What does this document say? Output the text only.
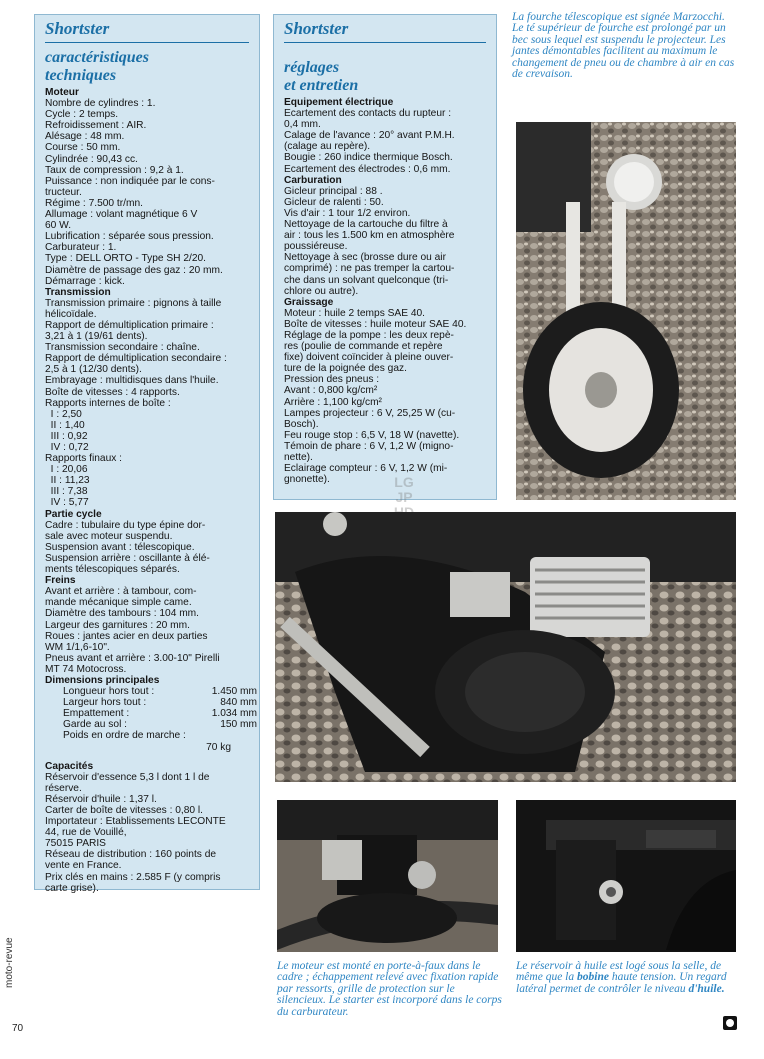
Shortster
caractéristiques
techniques
Moteur
Nombre de cylindres : 1.
Cycle : 2 temps.
Refroidissement : AIR.
Alésage : 48 mm.
Course : 50 mm.
Cylindrée : 90,43 cc.
Taux de compression : 9,2 à 1.
Puissance : non indiquée par le cons-
tructeur.
Régime : 7.500 tr/mn.
Allumage : volant magnétique 6 V
60 W.
Lubrification : séparée sous pression.
Carburateur : 1.
Type : DELL ORTO - Type SH 2/20.
Diamètre de passage des gaz : 20 mm.
Démarrage : kick.
Transmission
Transmission primaire : pignons à taille
hélicoïdale.
Rapport de démultiplication primaire :
3,21 à 1 (19/61 dents).
Transmission secondaire : chaîne.
Rapport de démultiplication secondaire :
2,5 à 1 (12/30 dents).
Embrayage : multidisques dans l'huile.
Boîte de vitesses : 4 rapports.
Rapports internes de boîte :
I : 2,50
II : 1,40
III : 0,92
IV : 0,72
Rapports finaux :
I : 20,06
II : 11,23
III : 7,38
IV : 5,77
Partie cycle
Cadre : tubulaire du type épine dor-
sale avec moteur suspendu.
Suspension avant : télescopique.
Suspension arrière : oscillante à élé-
ments télescopiques séparés.
Freins
Avant et arrière : à tambour, com-
mande mécanique simple came.
Diamètre des tambours : 104 mm.
Largeur des garnitures : 20 mm.
Roues : jantes acier en deux parties
WM 1/1,6-10".
Pneus avant et arrière : 3.00-10" Pirelli
MT 74 Motocross.
Dimensions principales
Longueur hors tout :	1.450 mm
Largeur hors tout :	840 mm
Empattement :	1.034 mm
Garde au sol :	150 mm
Poids en ordre de marche :
70 kg
Capacités
Réservoir d'essence 5,3 l dont 1 l de
réserve.
Réservoir d'huile : 1,37 l.
Carter de boîte de vitesses : 0,80 l.
Importateur : Etablissements LECONTE
44, rue de Vouillé,
75015 PARIS
Réseau de distribution : 160 points de
vente en France.
Prix clés en mains : 2.585 F (y compris
carte grise).
Shortster
réglages
et entretien
Equipement électrique
Ecartement des contacts du rupteur :
0,4 mm.
Calage de l'avance : 20° avant P.M.H.
(calage au repère).
Bougie : 260 indice thermique Bosch.
Ecartement des électrodes : 0,6 mm.
Carburation
Gicleur principal : 88 .
Gicleur de ralenti : 50.
Vis d'air : 1 tour 1/2 environ.
Nettoyage de la cartouche du filtre à
air : tous les 1.500 km en atmosphère
poussiéreuse.
Nettoyage à sec (brosse dure ou air
comprimé) : ne pas tremper la cartou-
che dans un solvant quelconque (tri-
chlore ou autre).
Graissage
Moteur : huile 2 temps SAE 40.
Boîte de vitesses : huile moteur SAE 40.
Réglage de la pompe : les deux repè-
res (poulie de commande et repère
fixe) doivent coïncider à pleine ouver-
ture de la poignée des gaz.
Pression des pneus :
Avant : 0,800 kg/cm²
Arrière : 1,100 kg/cm²
Lampes projecteur : 6 V, 25,25 W (cu-
Bosch).
Feu rouge stop : 6,5 V, 18 W (navette).
Témoin de phare : 6 V, 1,2 W (migno-
nette).
Eclairage compteur : 6 V, 1,2 W (mi-
gnonette).	LG
JP

La fourche télescopique est signée Marzocchi. Le té supérieur de fourche est prolongé par un bec sous lequel est suspendu le projecteur. Les jantes démontables facilitent au maximum le changement de pneu ou de chambre à air en cas de crevaison.
Le moteur est monté en porte-à-faux dans le cadre ; échappement relevé avec fixation rapide par ressorts, grille de protection sur le silencieux. Le starter est incorporé dans le corps du carburateur.
Le réservoir à huile est logé sous la selle, de même que la bobine haute tension. Un regard latéral permet de contrôler le niveau d'huile.
moto-revue
70
